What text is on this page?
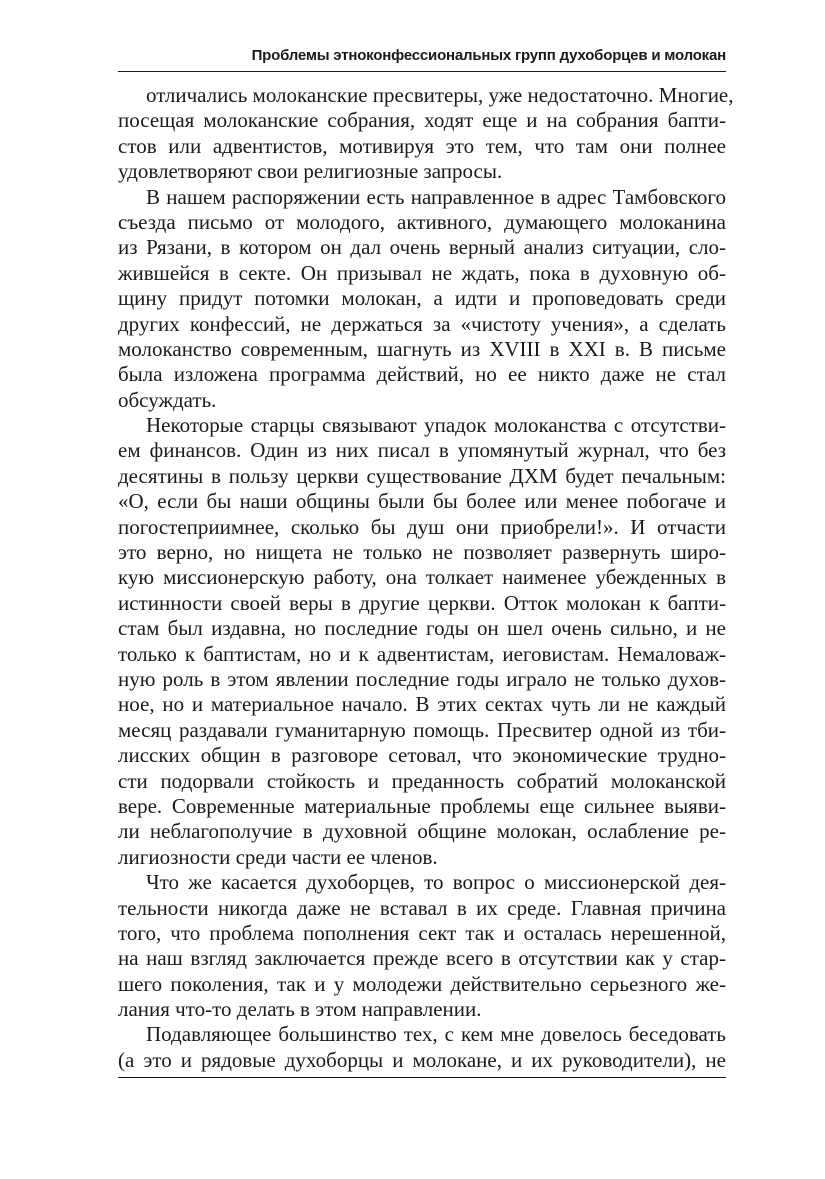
Проблемы этноконфессиональных групп духоборцев и молокан
отличались молоканские пресвитеры, уже недостаточно. Многие,
посещая молоканские собрания, ходят еще и на собрания бапти-
стов или адвентистов, мотивируя это тем, что там они полнее
удовлетворяют свои религиозные запросы.
В нашем распоряжении есть направленное в адрес Тамбовского
съезда письмо от молодого, активного, думающего молоканина
из Рязани, в котором он дал очень верный анализ ситуации, сло-
жившейся в секте. Он призывал не ждать, пока в духовную об-
щину придут потомки молокан, а идти и проповедовать среди
других конфессий, не держаться за «чистоту учения», а сделать
молоканство современным, шагнуть из XVIII в XXI в. В письме
была изложена программа действий, но ее никто даже не стал
обсуждать.
Некоторые старцы связывают упадок молоканства с отсутстви-
ем финансов. Один из них писал в упомянутый журнал, что без
десятины в пользу церкви существование ДХМ будет печальным:
«О, если бы наши общины были бы более или менее побогаче и
погостеприимнее, сколько бы душ они приобрели!». И отчасти
это верно, но нищета не только не позволяет развернуть широ-
кую миссионерскую работу, она толкает наименее убежденных в
истинности своей веры в другие церкви. Отток молокан к бапти-
стам был издавна, но последние годы он шел очень сильно, и не
только к баптистам, но и к адвентистам, иеговистам. Немаловаж-
ную роль в этом явлении последние годы играло не только духов-
ное, но и материальное начало. В этих сектах чуть ли не каждый
месяц раздавали гуманитарную помощь. Пресвитер одной из тби-
лисских общин в разговоре сетовал, что экономические трудно-
сти подорвали стойкость и преданность собратий молоканской
вере. Современные материальные проблемы еще сильнее выяви-
ли неблагополучие в духовной общине молокан, ослабление ре-
лигиозности среди части ее членов.
Что же касается духоборцев, то вопрос о миссионерской дея-
тельности никогда даже не вставал в их среде. Главная причина
того, что проблема пополнения сект так и осталась нерешенной,
на наш взгляд заключается прежде всего в отсутствии как у стар-
шего поколения, так и у молодежи действительно серьезного же-
лания что-то делать в этом направлении.
Подавляющее большинство тех, с кем мне довелось беседовать
(а это и рядовые духоборцы и молокане, и их руководители), не
